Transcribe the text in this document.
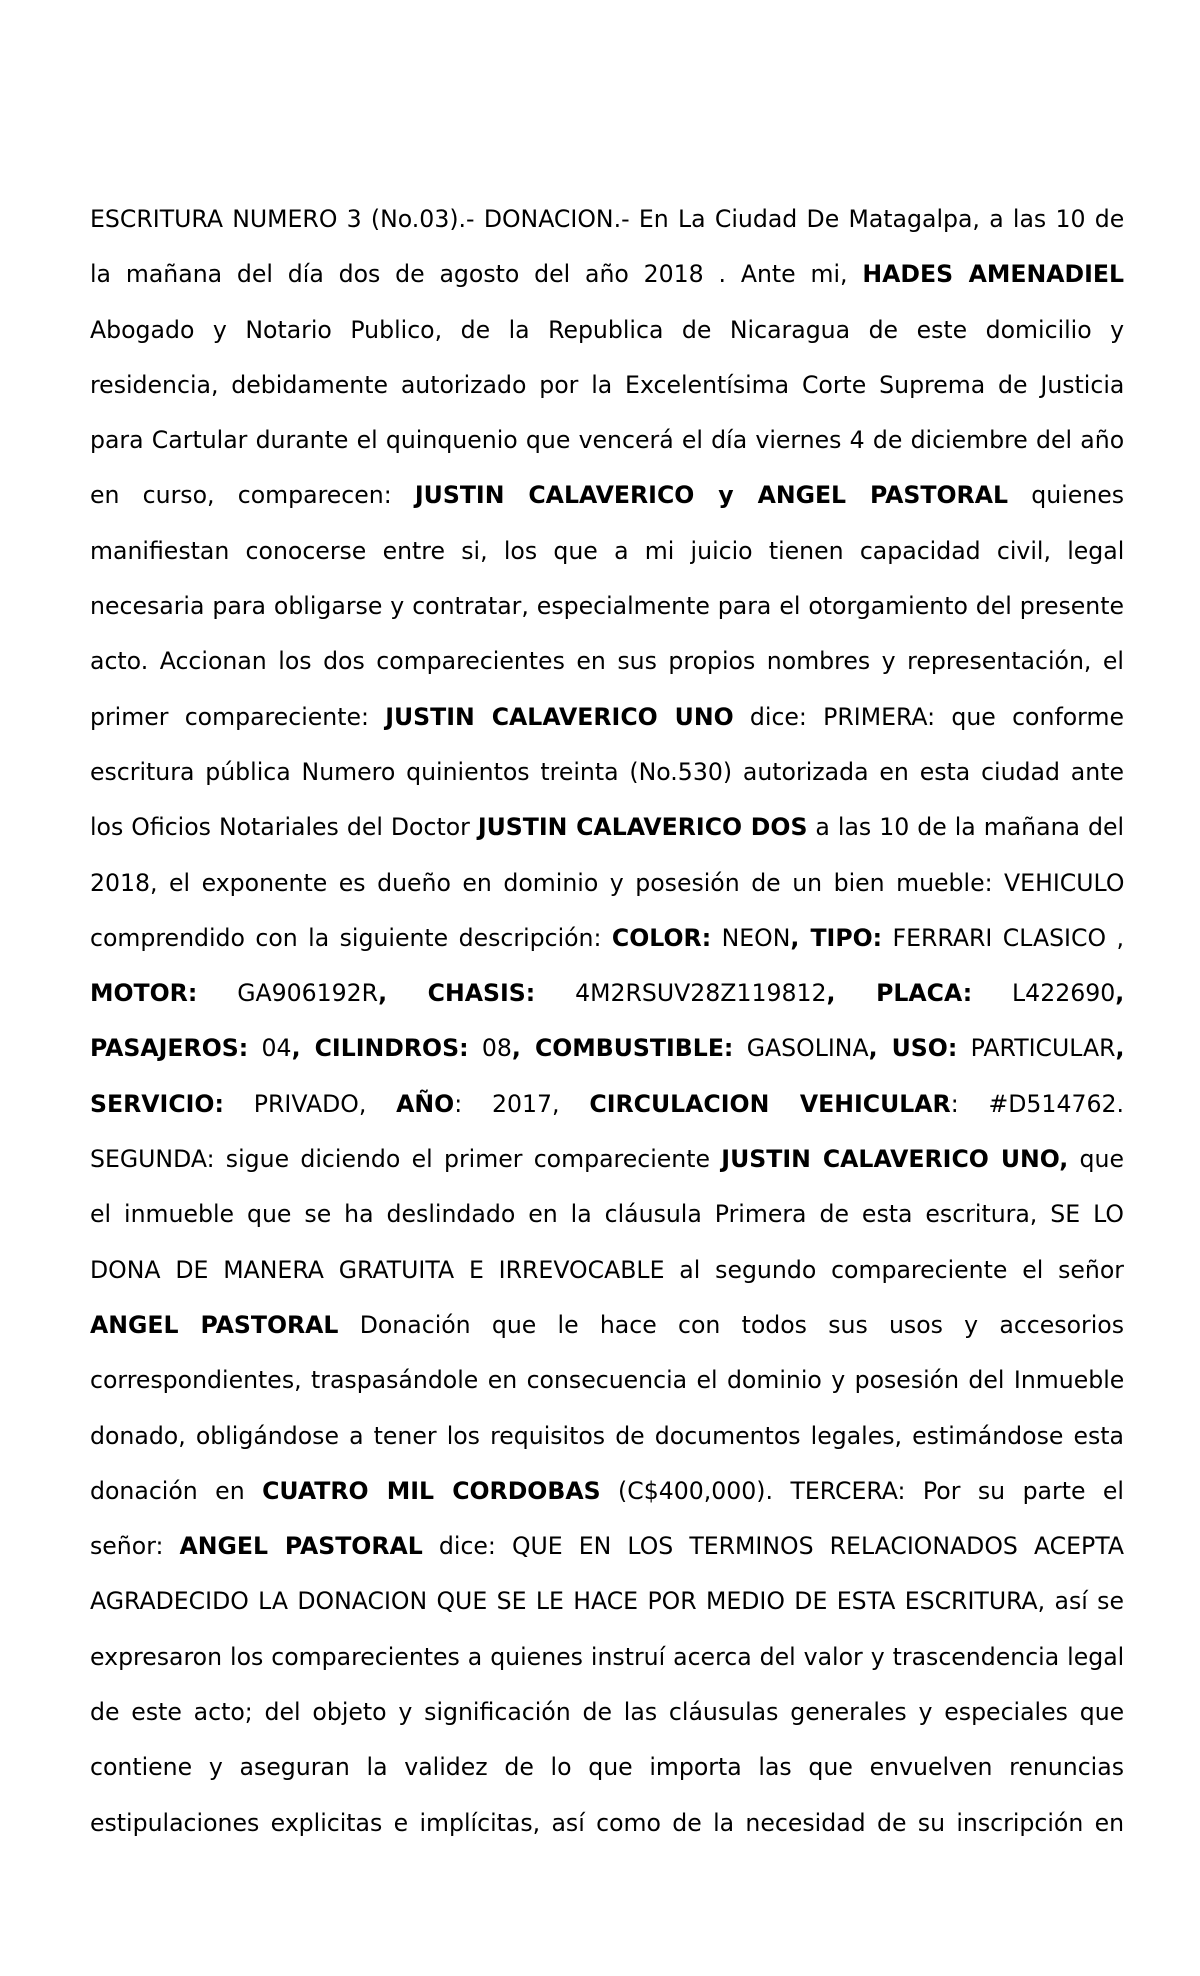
ESCRITURA NUMERO 3 (No.03).- DONACION.- En La Ciudad De Matagalpa, a las 10 de
la mañana del día dos de agosto del año 2018 . Ante mi, HADES AMENADIEL
Abogado y Notario Publico, de la Republica de Nicaragua de este domicilio y
residencia, debidamente autorizado por la Excelentísima Corte Suprema de Justicia
para Cartular durante el quinquenio que vencerá el día viernes 4 de diciembre del año
en curso, comparecen: JUSTIN CALAVERICO y ANGEL PASTORAL quienes
manifiestan conocerse entre si, los que a mi juicio tienen capacidad civil, legal
necesaria para obligarse y contratar, especialmente para el otorgamiento del presente
acto. Accionan los dos comparecientes en sus propios nombres y representación, el
primer compareciente: JUSTIN CALAVERICO UNO dice: PRIMERA: que conforme
escritura pública Numero quinientos treinta (No.530) autorizada en esta ciudad ante
los Oficios Notariales del Doctor JUSTIN CALAVERICO DOS a las 10 de la mañana del
2018, el exponente es dueño en dominio y posesión de un bien mueble: VEHICULO
comprendido con la siguiente descripción: COLOR: NEON, TIPO: FERRARI CLASICO ,
MOTOR: GA906192R, CHASIS: 4M2RSUV28Z119812, PLACA: L422690,
PASAJEROS: 04, CILINDROS: 08, COMBUSTIBLE: GASOLINA, USO: PARTICULAR,
SERVICIO: PRIVADO, AÑO: 2017, CIRCULACION VEHICULAR: #D514762.
SEGUNDA: sigue diciendo el primer compareciente JUSTIN CALAVERICO UNO, que
el inmueble que se ha deslindado en la cláusula Primera de esta escritura, SE LO
DONA DE MANERA GRATUITA E IRREVOCABLE al segundo compareciente el señor
ANGEL PASTORAL Donación que le hace con todos sus usos y accesorios
correspondientes, traspasándole en consecuencia el dominio y posesión del Inmueble
donado, obligándose a tener los requisitos de documentos legales, estimándose esta
donación en CUATRO MIL CORDOBAS (C$400,000). TERCERA: Por su parte el
señor: ANGEL PASTORAL dice: QUE EN LOS TERMINOS RELACIONADOS ACEPTA
AGRADECIDO LA DONACION QUE SE LE HACE POR MEDIO DE ESTA ESCRITURA, así se
expresaron los comparecientes a quienes instruí acerca del valor y trascendencia legal
de este acto; del objeto y significación de las cláusulas generales y especiales que
contiene y aseguran la validez de lo que importa las que envuelven renuncias
estipulaciones explicitas e implícitas, así como de la necesidad de su inscripción en
